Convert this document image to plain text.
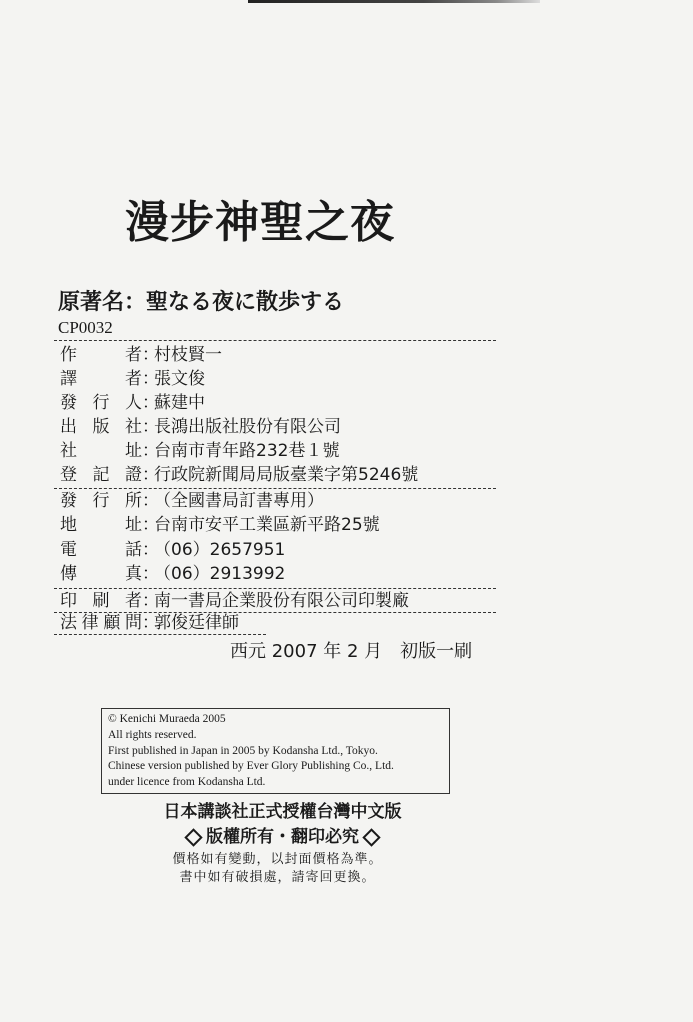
漫步神聖之夜
原著名：聖なる夜に散歩する
CP0032
作者：村枝賢一
譯者：張文俊
發行人：蘇建中
出版社：長鴻出版社股份有限公司
社址：台南市青年路232巷１號
登記證：行政院新聞局局版臺業字第5246號
發行所：（全國書局訂書專用）
地址：台南市安平工業區新平路25號
電話：（06）2657951
傳真：（06）2913992
印刷者：南一書局企業股份有限公司印製廠
法律顧問：郭俊廷律師
西元 2007 年 2 月　初版一刷
© Kenichi Muraeda 2005
All rights reserved.
First published in Japan in 2005 by Kodansha Ltd., Tokyo.
Chinese version published by Ever Glory Publishing Co., Ltd.
under licence from Kodansha Ltd.
日本講談社正式授權台灣中文版
版權所有・翻印必究
價格如有變動，以封面價格為準。
書中如有破損處，請寄回更換。
